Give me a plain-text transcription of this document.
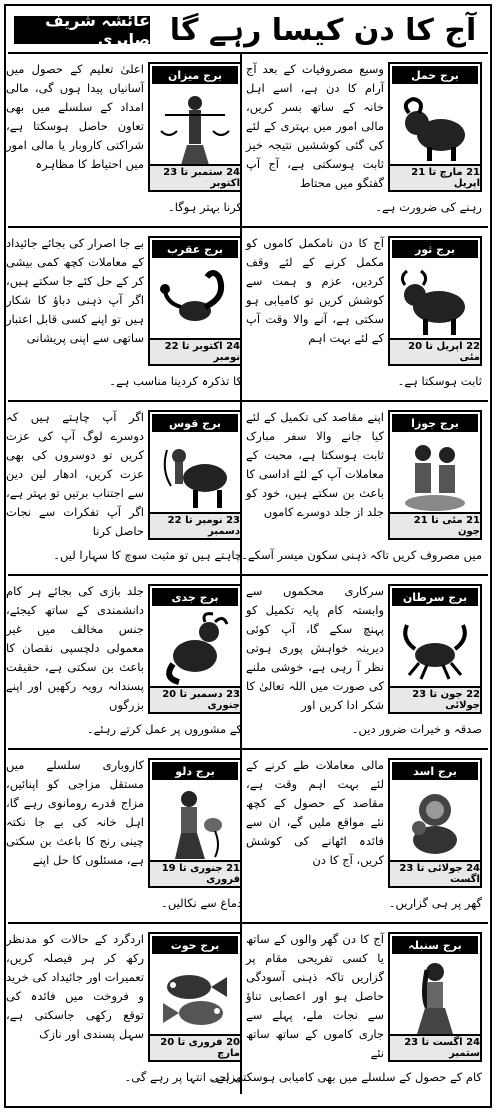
آج کا دن کیسا رہے گا
عائشہ شریف صابری
برج حمل
21 مارچ تا 21 اپریل
وسیع مصروفیات کے بعد آج آرام کا دن ہے، اسے اہل خانہ کے ساتھ بسر کریں، مالی امور میں بہتری کے لئے کی گئی کوششیں نتیجہ خیز ثابت ہوسکتی ہے، آج آپ گفتگو میں محتاط
رہنے کی ضرورت ہے۔
برج میزان
24 ستمبر تا 23 اکتوبر
اعلیٰ تعلیم کے حصول میں آسانیاں پیدا ہوں گی، مالی امداد کے سلسلے میں بھی تعاون حاصل ہوسکتا ہے، شراکتی کاروبار یا مالی امور میں احتیاط کا مظاہرہ
کرنا بہتر ہوگا۔
برج ثور
22 اپریل تا 20 مئی
آج کا دن نامکمل کاموں کو مکمل کرنے کے لئے وقف کردیں، عزم و ہمت سے کوشش کریں تو کامیابی ہو سکتی ہے، آنے والا وقت آپ کے لئے بہت اہم
ثابت ہوسکتا ہے۔
برج عقرب
24 اکتوبر تا 22 نومبر
بے جا اصرار کی بجائے جائیداد کے معاملات کچھ کمی بیشی کر کے حل کئے جا سکتے ہیں، اگر آپ ذہنی دباؤ کا شکار ہیں تو اپنے کسی قابل اعتبار ساتھی سے اپنی پریشانی
کا تذکرہ کردینا مناسب ہے۔
برج جوزا
21 مئی تا 21 جون
اپنے مقاصد کی تکمیل کے لئے کیا جانے والا سفر مبارک ثابت ہوسکتا ہے، محبت کے معاملات آپ کے لئے اداسی کا باعث بن سکتے ہیں، خود کو جلد از جلد دوسرے کاموں
میں مصروف کریں تاکہ ذہنی سکون میسر آسکے۔
برج قوس
23 نومبر تا 22 دسمبر
اگر آپ چاہتے ہیں کہ دوسرے لوگ آپ کی عزت کریں تو دوسروں کی بھی عزت کریں، ادھار لین دین سے اجتناب برتیں تو بہتر ہے، اگر آپ تفکرات سے نجات حاصل کرنا
چاہتے ہیں تو مثبت سوچ کا سہارا لیں۔
برج سرطان
22 جون تا 23 جولائی
سرکاری محکموں سے وابستہ کام پایہ تکمیل کو پہنچ سکے گا، آپ کوئی دیرینہ خواہش پوری ہوتی نظر آ رہی ہے، خوشی ملنے کی صورت میں اللہ تعالیٰ کا شکر ادا کریں اور
صدقہ و خیرات ضرور دیں۔
برج جدی
23 دسمبر تا 20 جنوری
جلد بازی کی بجائے ہر کام دانشمندی کے ساتھ کیجئے، جنس مخالف میں غیر معمولی دلچسپی نقصان کا باعث بن سکتی ہے، حقیقت پسندانہ رویہ رکھیں اور اپنے بزرگوں
کے مشوروں پر عمل کرتے رہئے۔
برج اسد
24 جولائی تا 23 اگست
مالی معاملات طے کرنے کے لئے بہت اہم وقت ہے، مقاصد کے حصول کے کچھ نئے مواقع ملیں گے، ان سے فائدہ اٹھانے کی کوشش کریں، آج کا دن
گھر پر ہی گزاریں۔
برج دلو
21 جنوری تا 19 فروری
کاروباری سلسلے میں مستقل مزاجی کو اپنائیں، مزاج قدرے رومانوی رہے گا، اہل خانہ کی بے جا نکتہ چینی رنج کا باعث بن سکتی ہے، مسئلوں کا حل اپنے
دماغ سے نکالیں۔
برج سنبلہ
24 اگست تا 23 ستمبر
آج کا دن گھر والوں کے ساتھ یا کسی تفریحی مقام پر گزاریں تاکہ ذہنی آسودگی حاصل ہو اور اعصابی تناؤ سے نجات ملے، پہلے سے جاری کاموں کے ساتھ ساتھ نئے
کام کے حصول کے سلسلے میں بھی کامیابی ہوسکتی ہے۔
برج حوت
20 فروری تا 20 مارچ
اردگرد کے حالات کو مدنظر رکھ کر ہر فیصلہ کریں، تعمیرات اور جائیداد کی خرید و فروخت میں فائدہ کی توقع رکھی جاسکتی ہے، سہل پسندی اور نازک
مزاجی انتہا پر رہے گی۔
